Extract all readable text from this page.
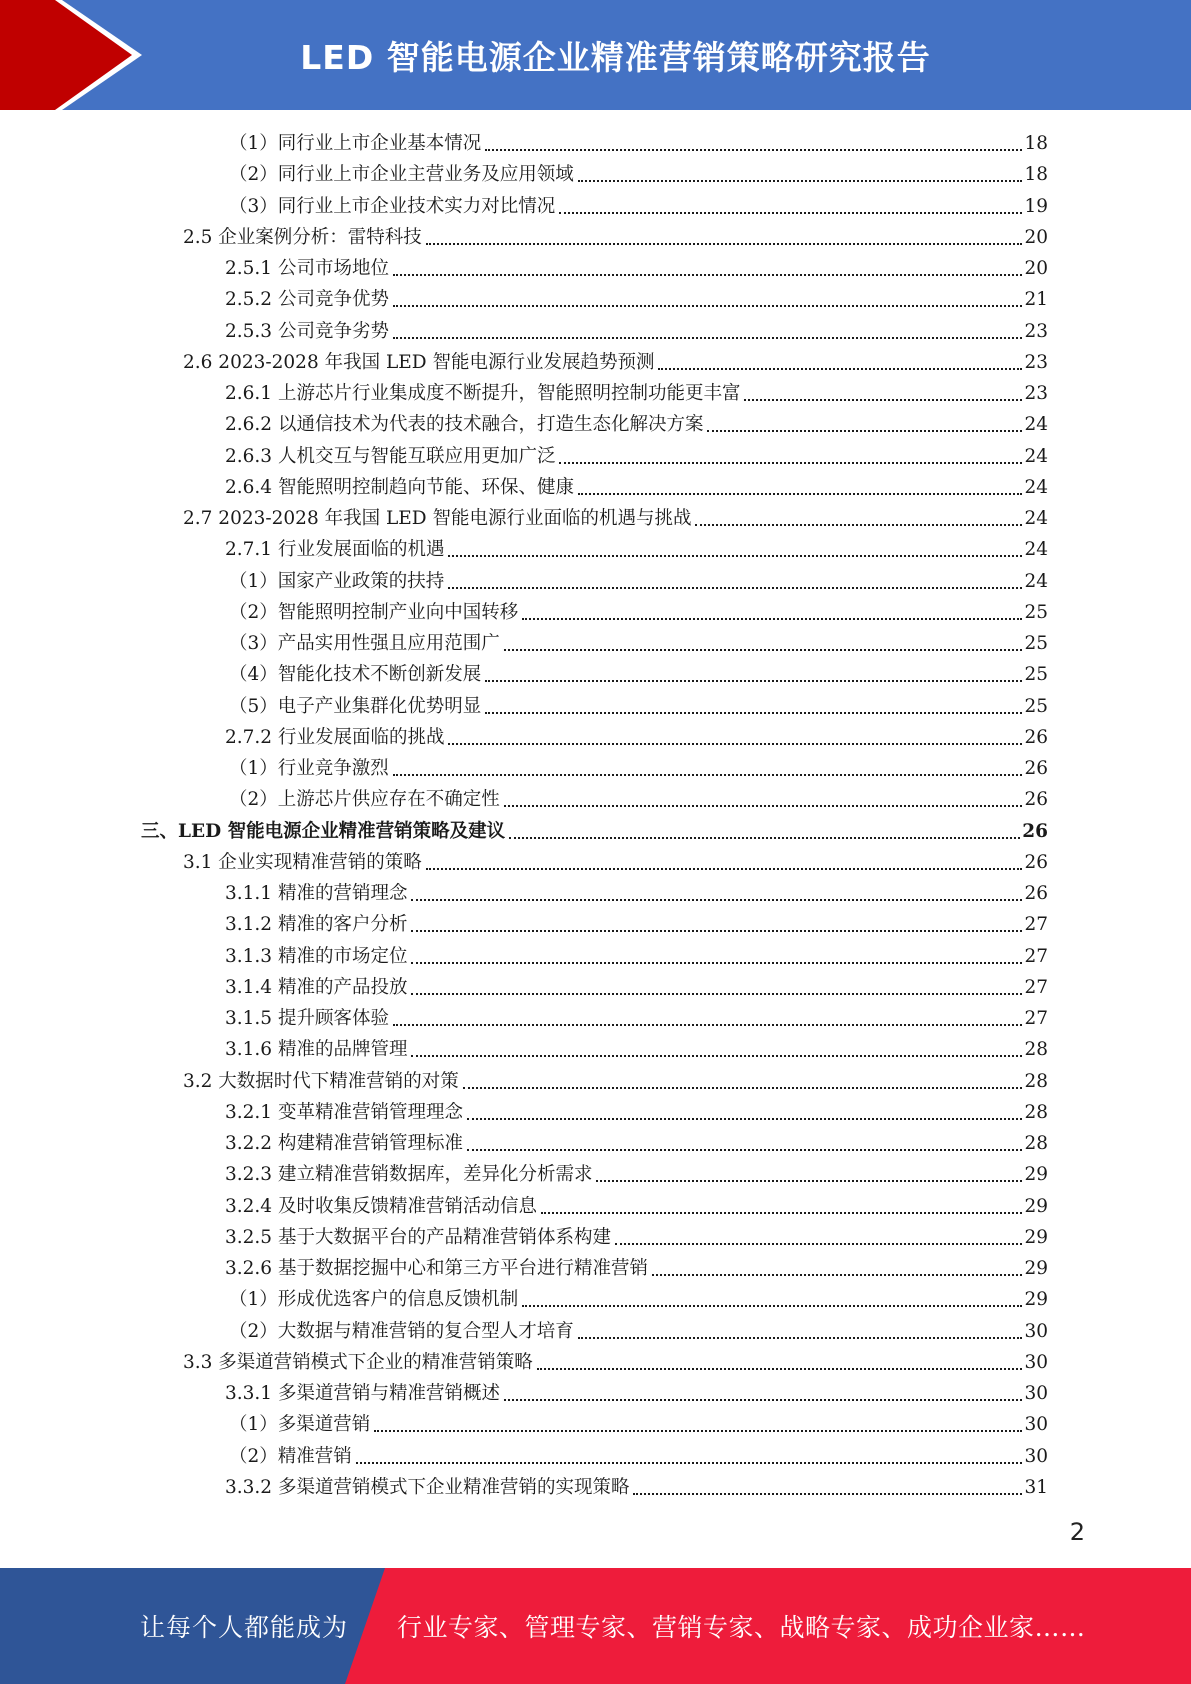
LED 智能电源企业精准营销策略研究报告
（1）同行业上市企业基本情况	18
（2）同行业上市企业主营业务及应用领域	18
（3）同行业上市企业技术实力对比情况	19
2.5 企业案例分析：雷特科技	20
2.5.1 公司市场地位	20
2.5.2 公司竞争优势	21
2.5.3 公司竞争劣势	23
2.6 2023-2028 年我国 LED 智能电源行业发展趋势预测	23
2.6.1 上游芯片行业集成度不断提升，智能照明控制功能更丰富	23
2.6.2 以通信技术为代表的技术融合，打造生态化解决方案	24
2.6.3 人机交互与智能互联应用更加广泛	24
2.6.4 智能照明控制趋向节能、环保、健康	24
2.7 2023-2028 年我国 LED 智能电源行业面临的机遇与挑战	24
2.7.1 行业发展面临的机遇	24
（1）国家产业政策的扶持	24
（2）智能照明控制产业向中国转移	25
（3）产品实用性强且应用范围广	25
（4）智能化技术不断创新发展	25
（5）电子产业集群化优势明显	25
2.7.2 行业发展面临的挑战	26
（1）行业竞争激烈	26
（2）上游芯片供应存在不确定性	26
三、LED 智能电源企业精准营销策略及建议	26
3.1 企业实现精准营销的策略	26
3.1.1 精准的营销理念	26
3.1.2 精准的客户分析	27
3.1.3 精准的市场定位	27
3.1.4 精准的产品投放	27
3.1.5 提升顾客体验	27
3.1.6 精准的品牌管理	28
3.2 大数据时代下精准营销的对策	28
3.2.1 变革精准营销管理理念	28
3.2.2 构建精准营销管理标准	28
3.2.3 建立精准营销数据库，差异化分析需求	29
3.2.4 及时收集反馈精准营销活动信息	29
3.2.5 基于大数据平台的产品精准营销体系构建	29
3.2.6 基于数据挖掘中心和第三方平台进行精准营销	29
（1）形成优选客户的信息反馈机制	29
（2）大数据与精准营销的复合型人才培育	30
3.3 多渠道营销模式下企业的精准营销策略	30
3.3.1 多渠道营销与精准营销概述	30
（1）多渠道营销	30
（2）精准营销	30
3.3.2 多渠道营销模式下企业精准营销的实现策略	31
2
让每个人都能成为 行业专家、管理专家、营销专家、战略专家、成功企业家……
